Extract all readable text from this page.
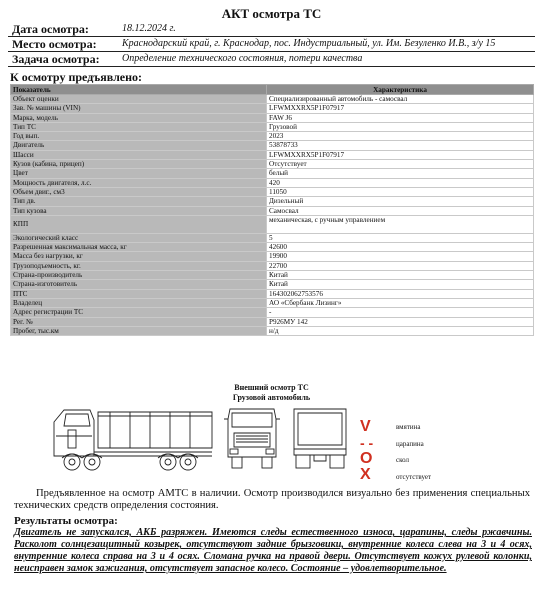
АКТ осмотра ТС
Дата осмотра:	18.12.2024 г.
Место осмотра:	Краснодарский край, г. Краснодар, пос. Индустриальный, ул. Им. Безуленко И.В., з/у 15
Задача осмотра: Определение технического состояния, потери качества
К осмотру предъявлено:
Показатель	Характеристика
Объект оценки	Специализированный автомобиль - самосвал
Зав. № машины (VIN)	LFWMXXRX5P1F07917
Марка, модель	FAW J6
Тип ТС	Грузовой
Год вып.	2023
Двигатель	53878733
Шасси	LFWMXXRX5P1F07917
Кузов (кабина, прицеп)	Отсутствует
Цвет	белый
Мощность двигателя, л.с.	420
Объем двиг., см3	11050
Тип дв.	Дизельный
Тип кузова	Самосвал
КПП	механическая, с ручным управлением
Экологический класс	5
Разрешенная максимальная масса, кг	42600
Масса без нагрузки, кг	19900
Грузоподъемность, кг.	22700
Страна-производитель	Китай
Страна-изготовитель	Китай
ПТС	164302062753576
Владелец	АО «Сбербанк Лизинг»
Адрес регистрации ТС	-
Рег. №	Р926МУ 142
Пробег, тыс.км	н/д
Внешний осмотр ТС
Грузовой автомобиль
V	вмятина
- -	царапина
O	скол
X	отсутствует
Предъявленное на осмотр АМТС в наличии. Осмотр производился визуально без применения специальных технических средств определения состояния.
Результаты осмотра:
Двигатель не запускался, АКБ разряжен. Имеются следы естественного износа, царапины, следы ржавчины. Расколот солнцезащитный козырек, отсутствуют задние брызговики, внутренние колеса слева на 3 и 4 осях, внутренние колеса справа на 3 и 4 осях. Сломана ручка на правой двери. Отсутствует кожух рулевой колонки, неисправен замок зажигания, отсутствует запасное колесо. Состояние – удовлетворительное.
